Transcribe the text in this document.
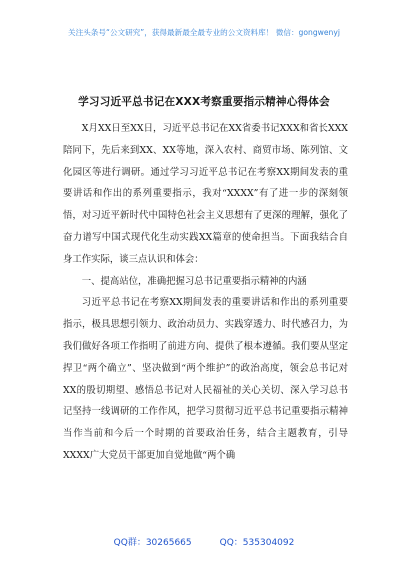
关注头条号“公文研究”，获得最新最全最专业的公文资料库！ 微信：gongwenyj
学习习近平总书记在XXX考察重要指示精神心得体会

X月XX日至XX日，习近平总书记在XX省委书记XXX和省长XXX陪同下，先后来到XX、XX等地，深入农村、商贸市场、陈列馆、文化园区等进行调研。通过学习习近平总书记在考察XX期间发表的重要讲话和作出的系列重要指示，我对“XXXX”有了进一步的深刻领悟，对习近平新时代中国特色社会主义思想有了更深的理解，强化了奋力谱写中国式现代化生动实践XX篇章的使命担当。下面我结合自身工作实际，谈三点认识和体会：

一、提高站位，准确把握习总书记重要指示精神的内涵

习近平总书记在考察XX期间发表的重要讲话和作出的系列重要指示，极具思想引领力、政治动员力、实践穿透力、时代感召力，为我们做好各项工作指明了前进方向、提供了根本遵循。我们要从坚定捍卫“两个确立”、坚决做到“两个维护”的政治高度，领会总书记对XX的殷切期望、感悟总书记对人民福祉的关心关切、深入学习总书记坚持一线调研的工作作风，把学习贯彻习近平总书记重要指示精神当作当前和今后一个时期的首要政治任务，结合主题教育，引导XXXX广大党员干部更加自觉地做“两个确

QQ群：30265665	QQ：535304092
